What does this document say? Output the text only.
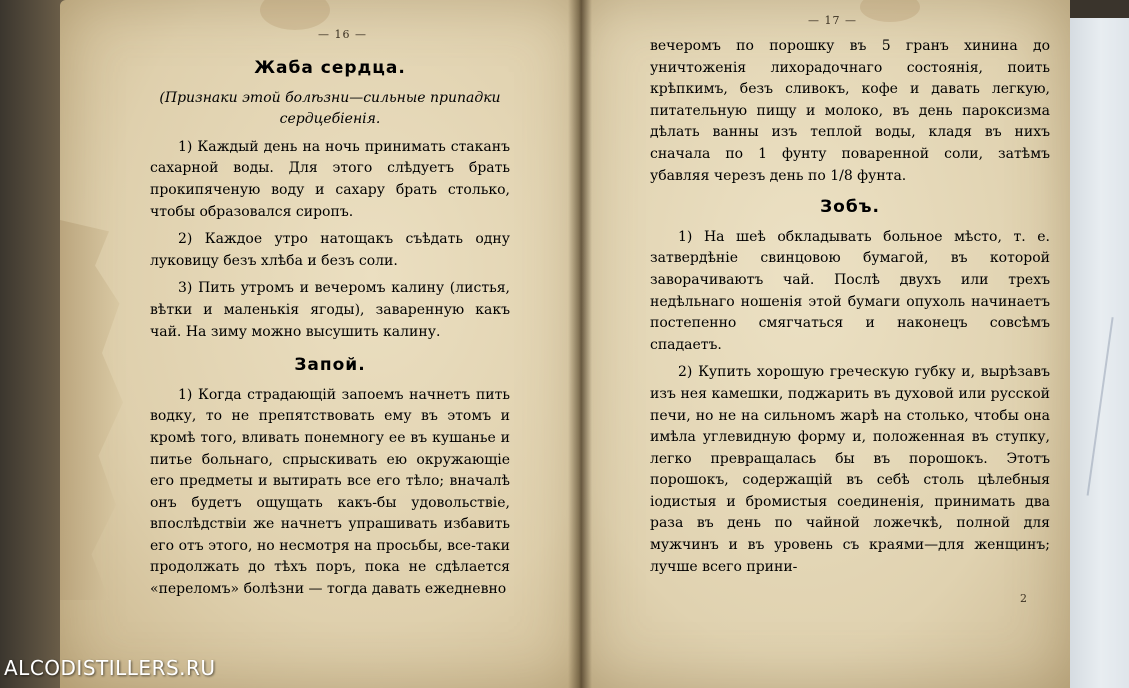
— 16 —
— 17 —
Жаба сердца.
(Признаки этой болѣзни—сильные припадки сердцебіенія.
1) Каждый день на ночь принимать стаканъ сахарной воды. Для этого слѣдуетъ брать прокипяченую воду и сахару брать столько, чтобы образовался сиропъ.
2) Каждое утро натощакъ съѣдать одну луковицу безъ хлѣба и безъ соли.
3) Пить утромъ и вечеромъ калину (листья, вѣтки и маленькія ягоды), заваренную какъ чай. На зиму можно высушить калину.
Запой.
1) Когда страдающій запоемъ начнетъ пить водку, то не препятствовать ему въ этомъ и кромѣ того, вливать понемногу ее въ кушанье и питье больнаго, спрыскивать ею окружающіе его предметы и вытирать все его тѣло; вначалѣ онъ будетъ ощущать какъ-бы удовольствіе, впослѣдствіи же начнетъ упрашивать избавить его отъ этого, но несмотря на просьбы, все-таки продолжать до тѣхъ поръ, пока не сдѣлается «переломъ» болѣзни — тогда давать ежедневно
вечеромъ по порошку въ 5 гранъ хинина до уничтоженія лихорадочнаго состоянія, поить крѣпкимъ, безъ сливокъ, кофе и давать легкую, питательную пищу и молоко, въ день пароксизма дѣлать ванны изъ теплой воды, кладя въ нихъ сначала по 1 фунту поваренной соли, затѣмъ убавляя черезъ день по 1/8 фунта.
Зобъ.
1) На шеѣ обкладывать больное мѣсто, т. е. затвердѣніе свинцовою бумагой, въ которой заворачиваютъ чай. Послѣ двухъ или трехъ недѣльнаго ношенія этой бумаги опухоль начинаетъ постепенно смягчаться и наконецъ совсѣмъ спадаетъ.
2) Купить хорошую греческую губку и, вырѣзавъ изъ нея камешки, поджарить въ духовой или русской печи, но не на сильномъ жарѣ на столько, чтобы она имѣла углевидную форму и, положенная въ ступку, легко превращалась бы въ порошокъ. Этотъ порошокъ, содержащій въ себѣ столь цѣлебныя іодистыя и бромистыя соединенія, принимать два раза въ день по чайной ложечкѣ, полной для мужчинъ и въ уровень съ краями—для женщинъ; лучше всего прини-
2
ALCODISTILLERS.RU
